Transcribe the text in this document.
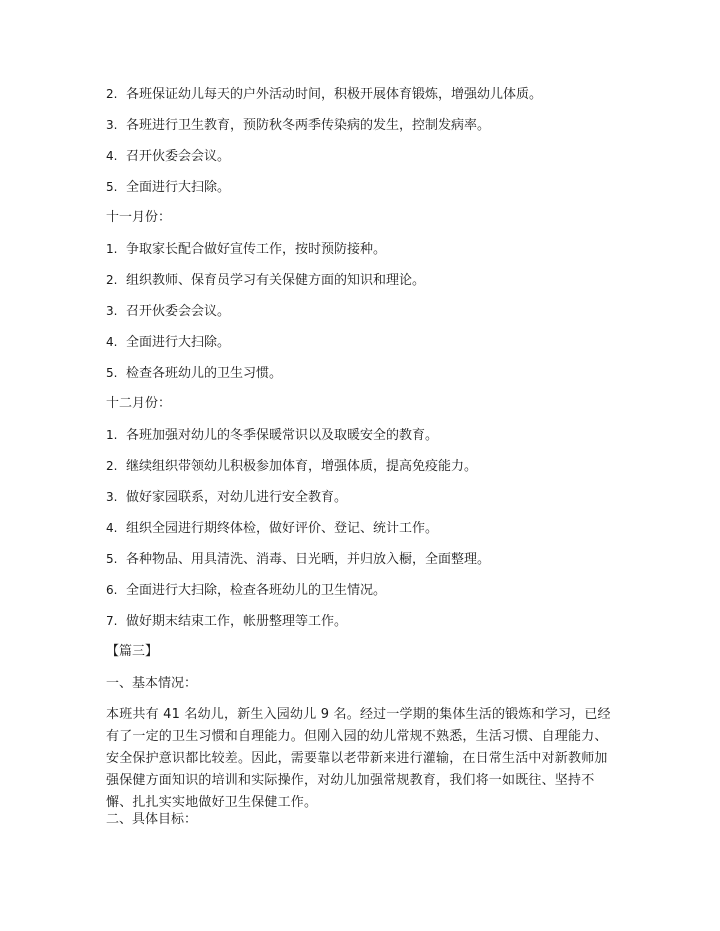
2. 各班保证幼儿每天的户外活动时间，积极开展体育锻炼，增强幼儿体质。
3. 各班进行卫生教育，预防秋冬两季传染病的发生，控制发病率。
4. 召开伙委会会议。
5. 全面进行大扫除。
十一月份：
1. 争取家长配合做好宣传工作，按时预防接种。
2. 组织教师、保育员学习有关保健方面的知识和理论。
3. 召开伙委会会议。
4. 全面进行大扫除。
5. 检查各班幼儿的卫生习惯。
十二月份：
1. 各班加强对幼儿的冬季保暖常识以及取暖安全的教育。
2. 继续组织带领幼儿积极参加体育，增强体质，提高免疫能力。
3. 做好家园联系，对幼儿进行安全教育。
4. 组织全园进行期终体检，做好评价、登记、统计工作。
5. 各种物品、用具清洗、消毒、日光晒，并归放入橱，全面整理。
6. 全面进行大扫除，检查各班幼儿的卫生情况。
7. 做好期末结束工作，帐册整理等工作。
【篇三】
一、基本情况：
本班共有 41 名幼儿，新生入园幼儿 9 名。经过一学期的集体生活的锻炼和学习，已经有了一定的卫生习惯和自理能力。但刚入园的幼儿常规不熟悉，生活习惯、自理能力、安全保护意识都比较差。因此，需要靠以老带新来进行灌输，在日常生活中对新教师加强保健方面知识的培训和实际操作，对幼儿加强常规教育，我们将一如既往、坚持不懈、扎扎实实地做好卫生保健工作。
二、具体目标：
